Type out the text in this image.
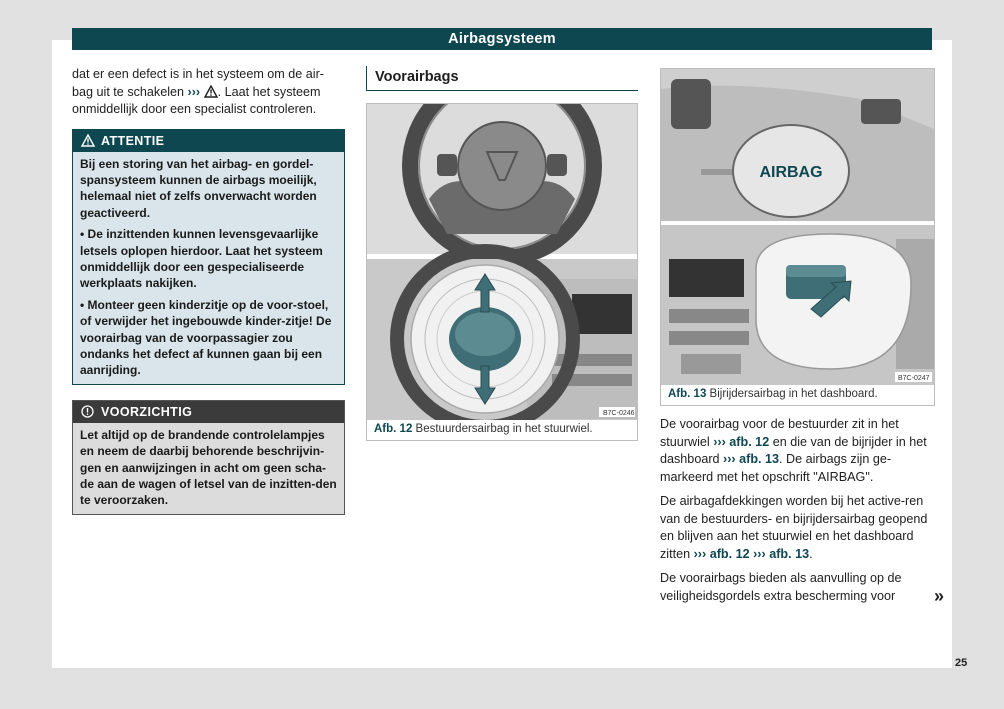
Airbagsysteem

dat er een defect is in het systeem om de air-
bag uit te schakelen ››› . Laat het systeem
onmiddellijk door een specialist controleren.

ATTENTIE

Bij een storing van het airbag- en gordel-spansysteem kunnen de airbags moeilijk, helemaal niet of zelfs onverwacht worden geactiveerd.

• De inzittenden kunnen levensgevaarlijke letsels oplopen hierdoor. Laat het systeem onmiddellijk door een gespecialiseerde werkplaats nakijken.

• Monteer geen kinderzitje op de voor-stoel, of verwijder het ingebouwde kinder-zitje! De voorairbag van de voorpassagier zou ondanks het defect af kunnen gaan bij een aanrijding.

VOORZICHTIG

Let altijd op de brandende controlelampjes en neem de daarbij behorende beschrijvin-gen en aanwijzingen in acht om geen scha-de aan de wagen of letsel van de inzitten-den te veroorzaken.

Voorairbags
B7C-0246
Afb. 12 Bestuurdersairbag in het stuurwiel.
AIRBAG
B7C-0247
Afb. 13 Bijrijdersairbag in het dashboard.

De voorairbag voor de bestuurder zit in het stuurwiel ››› afb. 12 en die van de bijrijder in het dashboard ››› afb. 13. De airbags zijn ge-markeerd met het opschrift "AIRBAG".

De airbagafdekkingen worden bij het active-ren van de bestuurders- en bijrijdersairbag geopend en blijven aan het stuurwiel en het dashboard zitten ››› afb. 12 ››› afb. 13.

De voorairbags bieden als aanvulling op de veiligheidsgordels extra bescherming voor	»
25
